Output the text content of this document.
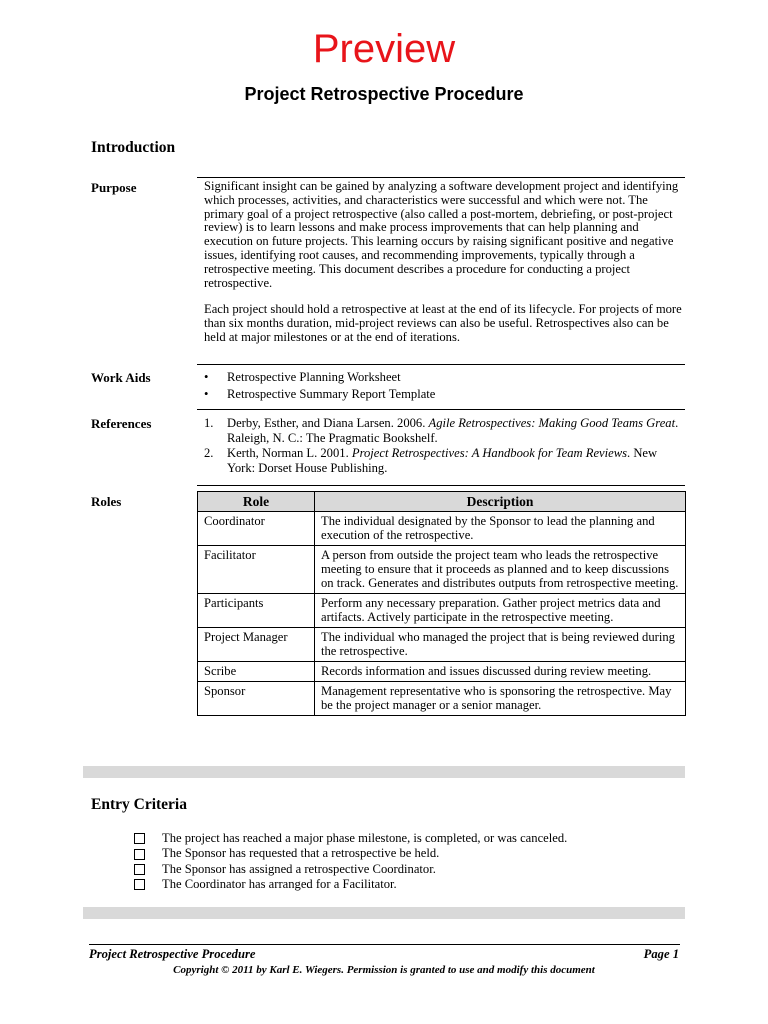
Preview
Project Retrospective Procedure
Introduction
Purpose	Significant insight can be gained by analyzing a software development project and identifying which processes, activities, and characteristics were successful and which were not. The primary goal of a project retrospective (also called a post-mortem, debriefing, or post-project review) is to learn lessons and make process improvements that can help planning and execution on future projects. This learning occurs by raising significant positive and negative issues, identifying root causes, and recommending improvements, typically through a retrospective meeting. This document describes a procedure for conducting a project retrospective.

Each project should hold a retrospective at least at the end of its lifecycle. For projects of more than six months duration, mid-project reviews can also be useful. Retrospectives also can be held at major milestones or at the end of iterations.

Work Aids	•	Retrospective Planning Worksheet
•	Retrospective Summary Report Template
References	1.	Derby, Esther, and Diana Larsen. 2006. Agile Retrospectives: Making Good Teams Great. Raleigh, N. C.: The Pragmatic Bookshelf.
2.	Kerth, Norman L. 2001. Project Retrospectives: A Handbook for Team Reviews. New York: Dorset House Publishing.
Roles	Role	Description
Coordinator	The individual designated by the Sponsor to lead the planning and execution of the retrospective.
Facilitator	A person from outside the project team who leads the retrospective meeting to ensure that it proceeds as planned and to keep discussions on track. Generates and distributes outputs from retrospective meeting.
Participants	Perform any necessary preparation. Gather project metrics data and artifacts. Actively participate in the retrospective meeting.
Project Manager	The individual who managed the project that is being reviewed during the retrospective.
Scribe	Records information and issues discussed during review meeting.
Sponsor	Management representative who is sponsoring the retrospective. May be the project manager or a senior manager.
Entry Criteria
The project has reached a major phase milestone, is completed, or was canceled.
The Sponsor has requested that a retrospective be held.
The Sponsor has assigned a retrospective Coordinator.
The Coordinator has arranged for a Facilitator.
Project Retrospective Procedure	Page 1
Copyright © 2011 by Karl E. Wiegers. Permission is granted to use and modify this document
